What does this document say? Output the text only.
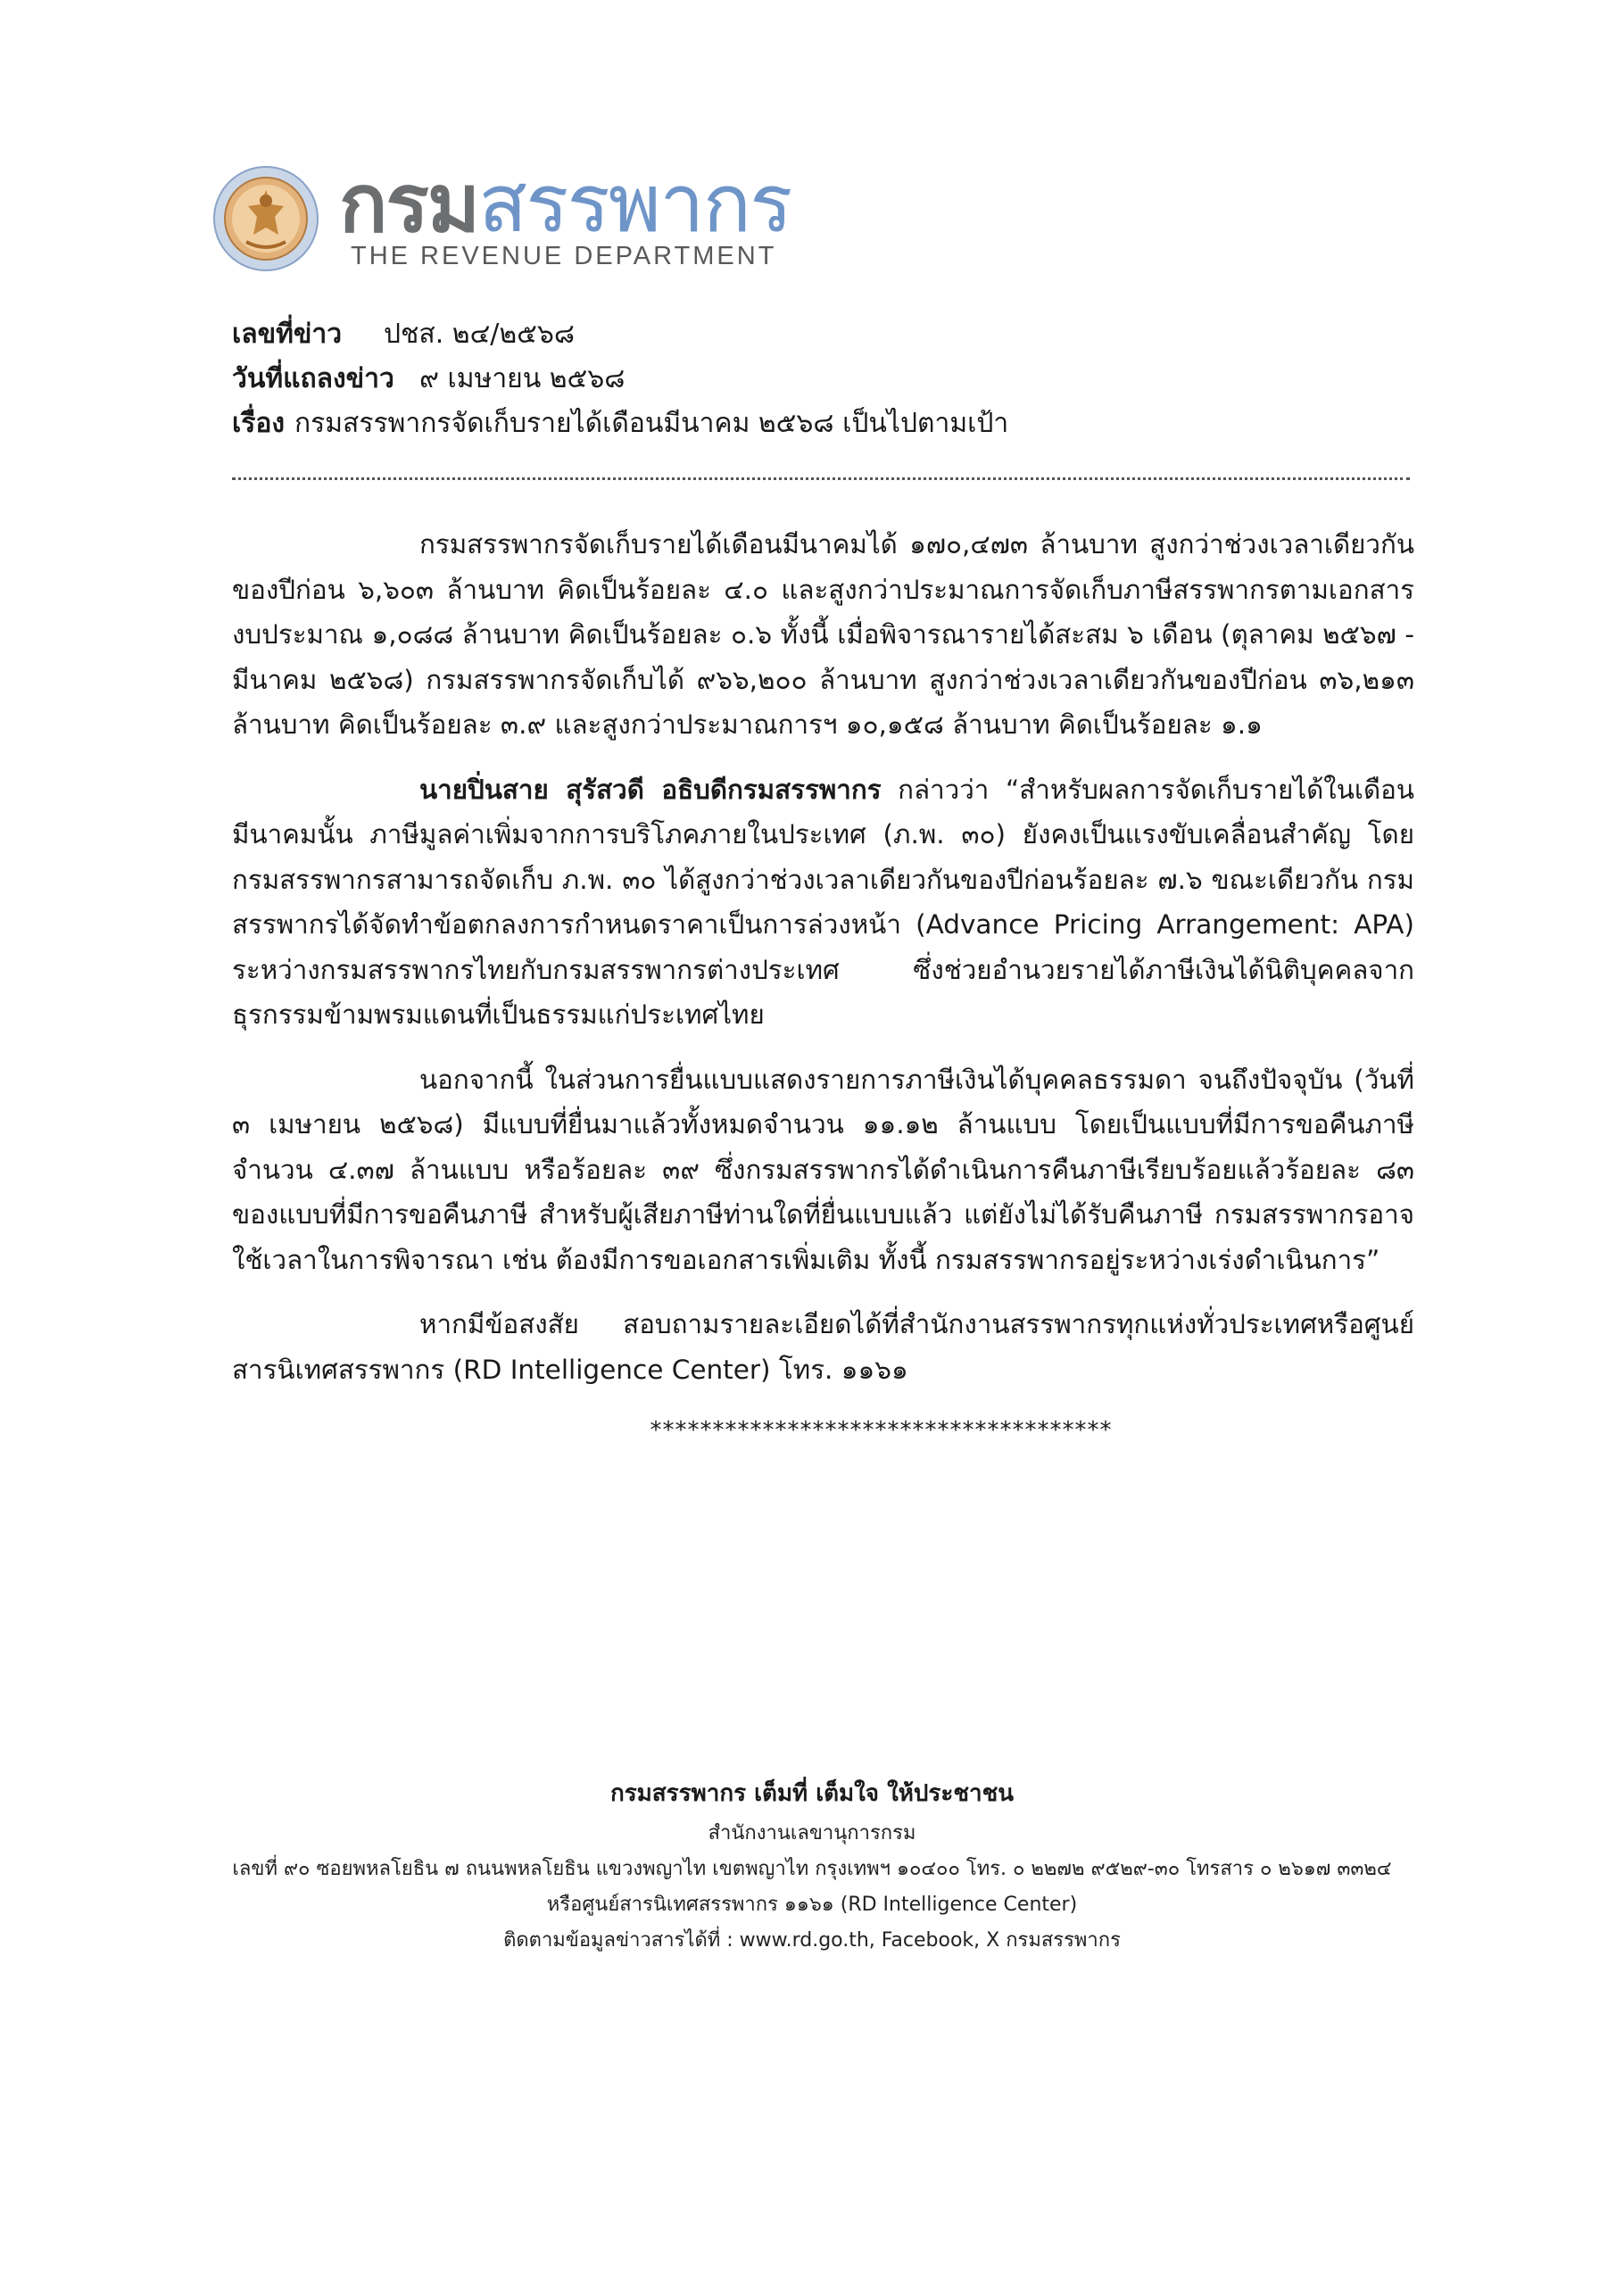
กรมสรรพากร
THE REVENUE DEPARTMENT
เลขที่ข่าว ปชส. ๒๔/๒๕๖๘
วันที่แถลงข่าว ๙ เมษายน ๒๕๖๘
เรื่อง กรมสรรพากรจัดเก็บรายได้เดือนมีนาคม ๒๕๖๘ เป็นไปตามเป้า

กรมสรรพากรจัดเก็บรายได้เดือนมีนาคมได้ ๑๗๐,๔๗๓ ล้านบาท สูงกว่าช่วงเวลาเดียวกันของปีก่อน ๖,๖๐๓ ล้านบาท คิดเป็นร้อยละ ๔.๐ และสูงกว่าประมาณการจัดเก็บภาษีสรรพากรตามเอกสารงบประมาณ ๑,๐๘๘ ล้านบาท คิดเป็นร้อยละ ๐.๖ ทั้งนี้ เมื่อพิจารณารายได้สะสม ๖ เดือน (ตุลาคม ๒๕๖๗ - มีนาคม ๒๕๖๘) กรมสรรพากรจัดเก็บได้ ๙๖๖,๒๐๐ ล้านบาท สูงกว่าช่วงเวลาเดียวกันของปีก่อน ๓๖,๒๑๓ ล้านบาท คิดเป็นร้อยละ ๓.๙ และสูงกว่าประมาณการฯ ๑๐,๑๕๘ ล้านบาท คิดเป็นร้อยละ ๑.๑

นายปิ่นสาย สุรัสวดี อธิบดีกรมสรรพากร กล่าวว่า “สำหรับผลการจัดเก็บรายได้ในเดือนมีนาคมนั้น ภาษีมูลค่าเพิ่มจากการบริโภคภายในประเทศ (ภ.พ. ๓๐) ยังคงเป็นแรงขับเคลื่อนสำคัญ โดยกรมสรรพากรสามารถจัดเก็บ ภ.พ. ๓๐ ได้สูงกว่าช่วงเวลาเดียวกันของปีก่อนร้อยละ ๗.๖ ขณะเดียวกัน กรมสรรพากรได้จัดทำข้อตกลงการกำหนดราคาเป็นการล่วงหน้า (Advance Pricing Arrangement: APA) ระหว่างกรมสรรพากรไทยกับกรมสรรพากรต่างประเทศ ซึ่งช่วยอำนวยรายได้ภาษีเงินได้นิติบุคคลจากธุรกรรมข้ามพรมแดนที่เป็นธรรมแก่ประเทศไทย

นอกจากนี้ ในส่วนการยื่นแบบแสดงรายการภาษีเงินได้บุคคลธรรมดา จนถึงปัจจุบัน (วันที่ ๓ เมษายน ๒๕๖๘) มีแบบที่ยื่นมาแล้วทั้งหมดจำนวน ๑๑.๑๒ ล้านแบบ โดยเป็นแบบที่มีการขอคืนภาษีจำนวน ๔.๓๗ ล้านแบบ หรือร้อยละ ๓๙ ซึ่งกรมสรรพากรได้ดำเนินการคืนภาษีเรียบร้อยแล้วร้อยละ ๘๓ ของแบบที่มีการขอคืนภาษี สำหรับผู้เสียภาษีท่านใดที่ยื่นแบบแล้ว แต่ยังไม่ได้รับคืนภาษี กรมสรรพากรอาจใช้เวลาในการพิจารณา เช่น ต้องมีการขอเอกสารเพิ่มเติม ทั้งนี้ กรมสรรพากรอยู่ระหว่างเร่งดำเนินการ”

หากมีข้อสงสัย สอบถามรายละเอียดได้ที่สำนักงานสรรพากรทุกแห่งทั่วประเทศหรือศูนย์สารนิเทศสรรพากร (RD Intelligence Center) โทร. ๑๑๖๑

*************************************
กรมสรรพากร เต็มที่ เต็มใจ ให้ประชาชน
สำนักงานเลขานุการกรม
เลขที่ ๙๐ ซอยพหลโยธิน ๗ ถนนพหลโยธิน แขวงพญาไท เขตพญาไท กรุงเทพฯ ๑๐๔๐๐ โทร. ๐ ๒๒๗๒ ๙๕๒๙-๓๐ โทรสาร ๐ ๒๖๑๗ ๓๓๒๔
หรือศูนย์สารนิเทศสรรพากร ๑๑๖๑ (RD Intelligence Center)
ติดตามข้อมูลข่าวสารได้ที่ : www.rd.go.th, Facebook, X กรมสรรพากร
